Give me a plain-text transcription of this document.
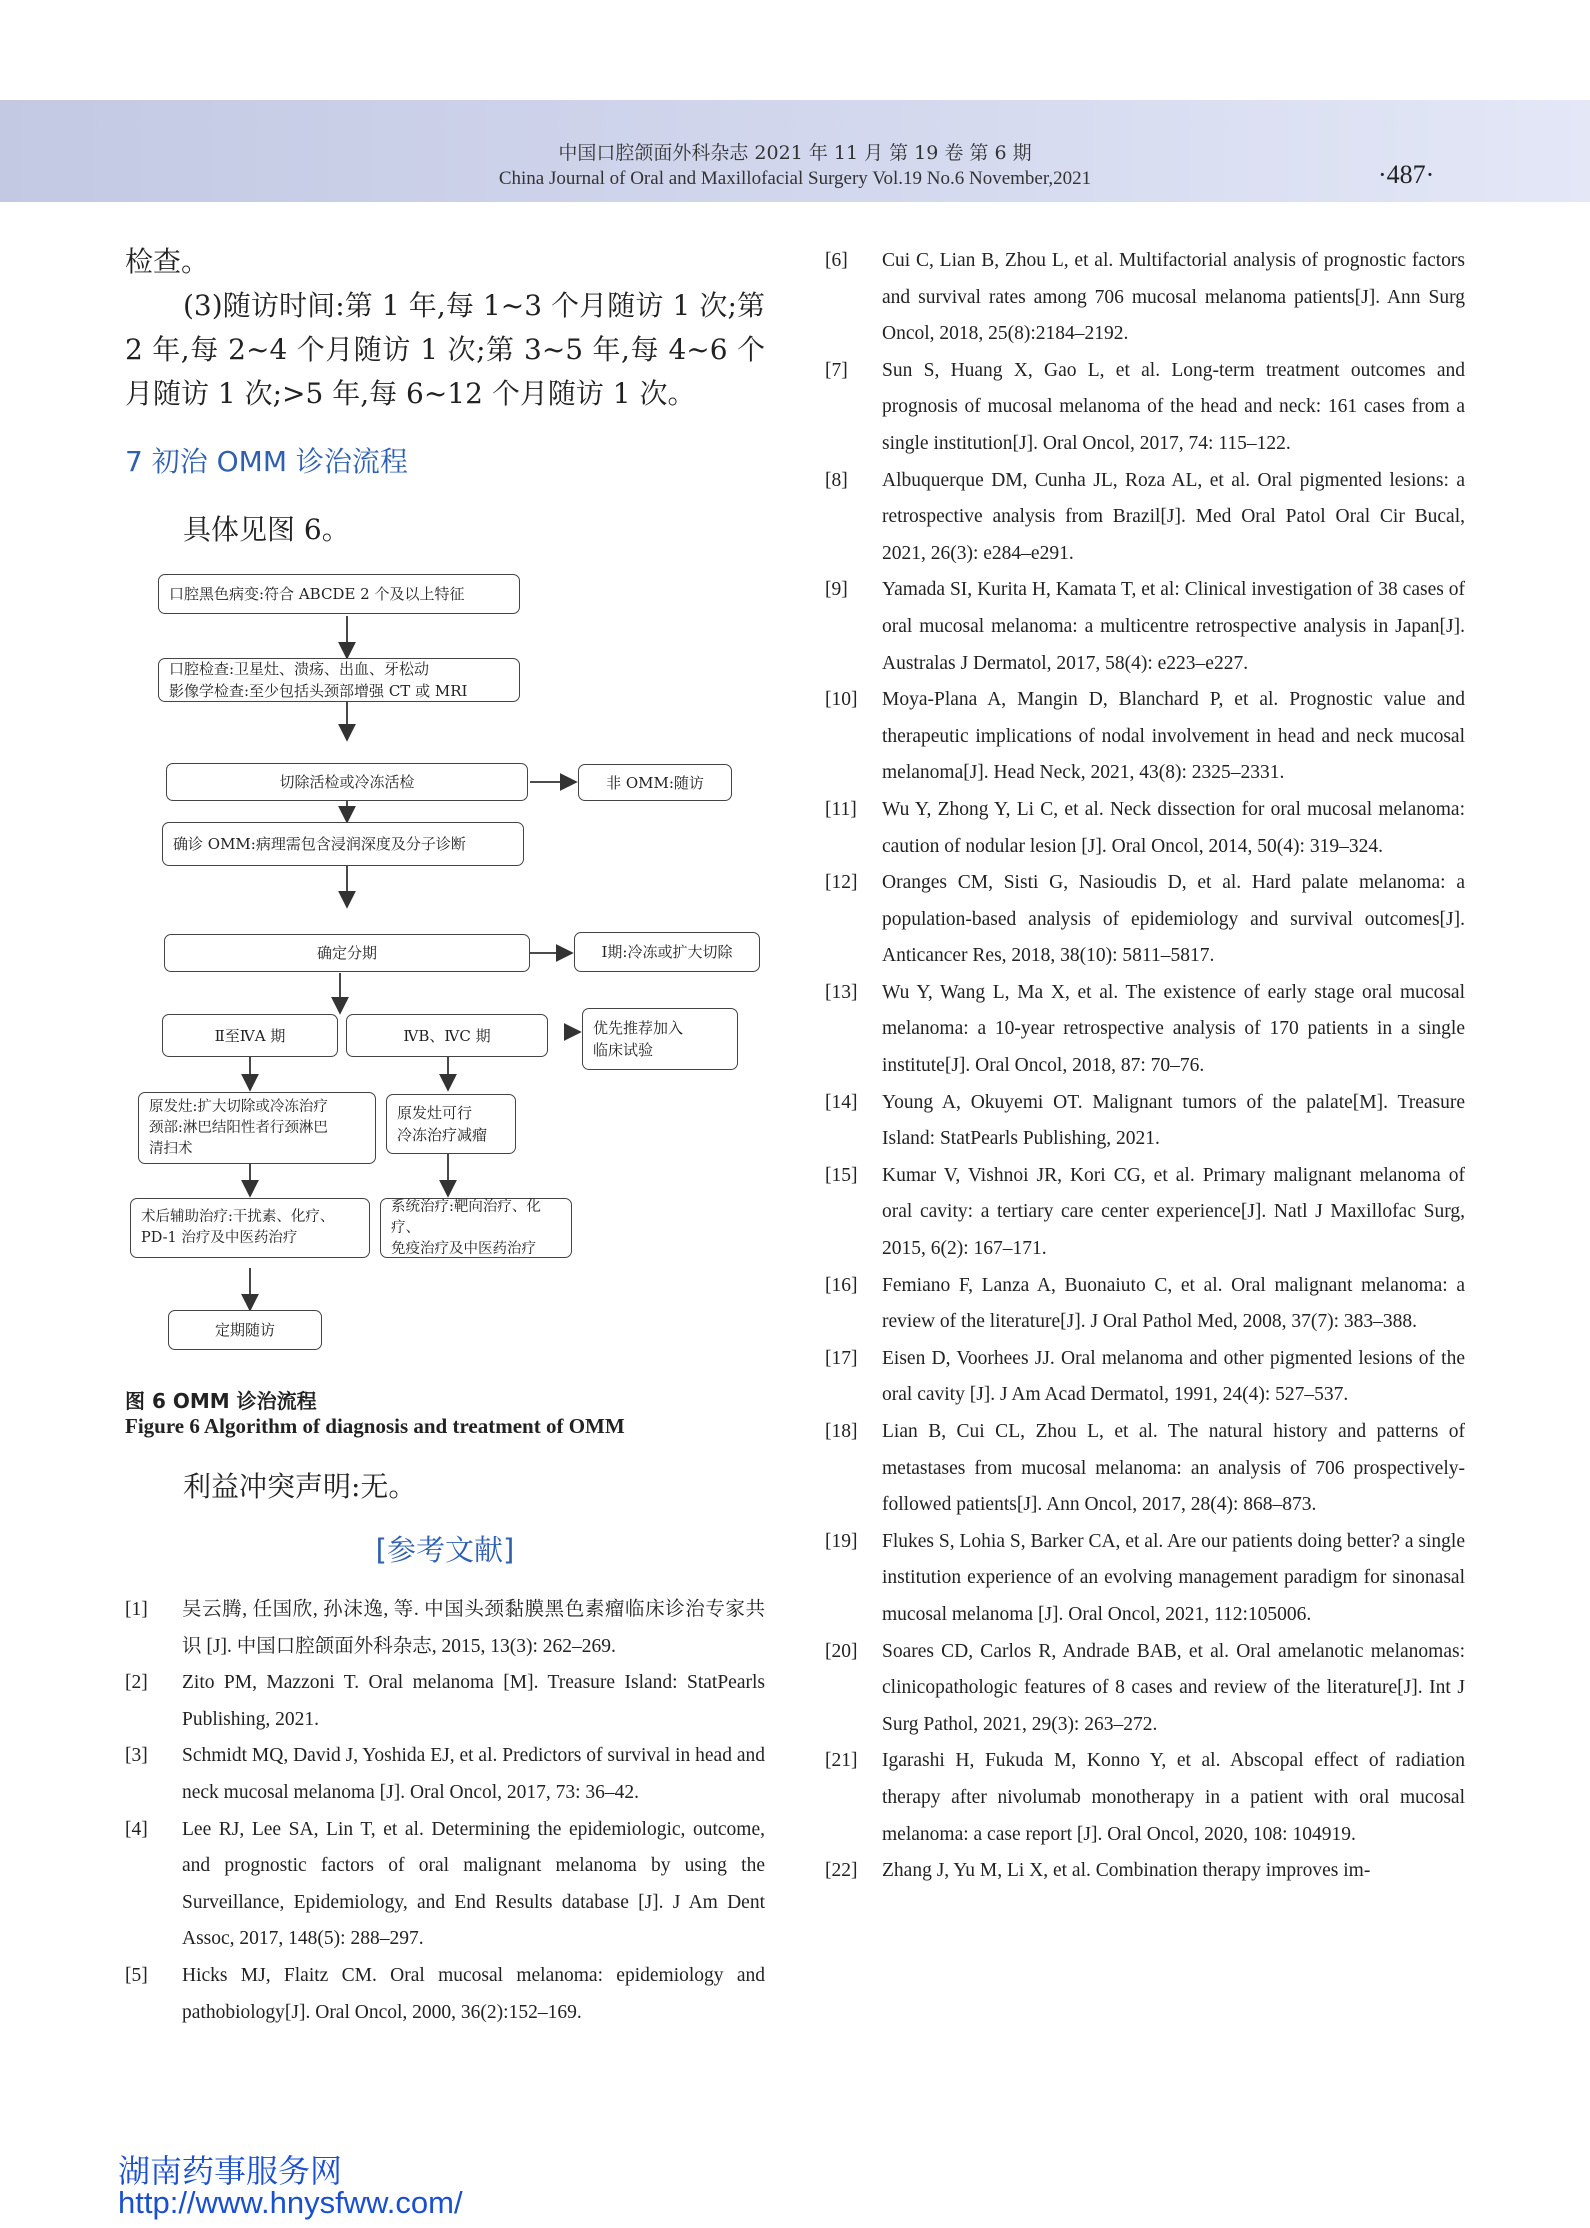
中国口腔颌面外科杂志 2021 年 11 月 第 19 卷 第 6 期
China Journal of Oral and Maxillofacial Surgery Vol.19 No.6 November,2021	·487·

检查。

(3)随访时间:第 1 年,每 1~3 个月随访 1 次;第 2 年,每 2~4 个月随访 1 次;第 3~5 年,每 4~6 个月随访 1 次;>5 年,每 6~12 个月随访 1 次。

7 初治 OMM 诊治流程
具体见图 6。
口腔黑色病变:符合 ABCDE 2 个及以上特征
口腔检查:卫星灶、溃疡、出血、牙松动
影像学检查:至少包括头颈部增强 CT 或 MRI
切除活检或冷冻活检	非 OMM:随访
确诊 OMM:病理需包含浸润深度及分子诊断
确定分期	Ⅰ期:冷冻或扩大切除
Ⅱ至ⅣA 期	ⅣB、ⅣC 期	优先推荐加入
临床试验
原发灶:扩大切除或冷冻治疗
颈部:淋巴结阳性者行颈淋巴
清扫术
原发灶可行
冷冻治疗减瘤
术后辅助治疗:干扰素、化疗、
PD-1 治疗及中医药治疗
系统治疗:靶向治疗、化疗、
免疫治疗及中医药治疗
定期随访
图 6 OMM 诊治流程
Figure 6 Algorithm of diagnosis and treatment of OMM
利益冲突声明:无。
[参考文献]
[1] 吴云腾, 任国欣, 孙沫逸, 等. 中国头颈黏膜黑色素瘤临床诊治专家共识 [J]. 中国口腔颌面外科杂志, 2015, 13(3): 262–269.
[2] Zito PM, Mazzoni T. Oral melanoma [M]. Treasure Island: StatPearls Publishing, 2021.
[3] Schmidt MQ, David J, Yoshida EJ, et al. Predictors of survival in head and neck mucosal melanoma [J]. Oral Oncol, 2017, 73: 36–42.
[4] Lee RJ, Lee SA, Lin T, et al. Determining the epidemiologic, outcome, and prognostic factors of oral malignant melanoma by using the Surveillance, Epidemiology, and End Results database [J]. J Am Dent Assoc, 2017, 148(5): 288–297.
[5] Hicks MJ, Flaitz CM. Oral mucosal melanoma: epidemiology and pathobiology[J]. Oral Oncol, 2000, 36(2):152–169.
[6] Cui C, Lian B, Zhou L, et al. Multifactorial analysis of prognostic factors and survival rates among 706 mucosal melanoma patients[J]. Ann Surg Oncol, 2018, 25(8):2184–2192.
[7] Sun S, Huang X, Gao L, et al. Long-term treatment outcomes and prognosis of mucosal melanoma of the head and neck: 161 cases from a single institution[J]. Oral Oncol, 2017, 74: 115–122.
[8] Albuquerque DM, Cunha JL, Roza AL, et al. Oral pigmented lesions: a retrospective analysis from Brazil[J]. Med Oral Patol Oral Cir Bucal, 2021, 26(3): e284–e291.
[9] Yamada SI, Kurita H, Kamata T, et al: Clinical investigation of 38 cases of oral mucosal melanoma: a multicentre retrospective analysis in Japan[J]. Australas J Dermatol, 2017, 58(4): e223–e227.
[10] Moya-Plana A, Mangin D, Blanchard P, et al. Prognostic value and therapeutic implications of nodal involvement in head and neck mucosal melanoma[J]. Head Neck, 2021, 43(8): 2325–2331.
[11] Wu Y, Zhong Y, Li C, et al. Neck dissection for oral mucosal melanoma: caution of nodular lesion [J]. Oral Oncol, 2014, 50(4): 319–324.
[12] Oranges CM, Sisti G, Nasioudis D, et al. Hard palate melanoma: a population-based analysis of epidemiology and survival outcomes[J]. Anticancer Res, 2018, 38(10): 5811–5817.
[13] Wu Y, Wang L, Ma X, et al. The existence of early stage oral mucosal melanoma: a 10-year retrospective analysis of 170 patients in a single institute[J]. Oral Oncol, 2018, 87: 70–76.
[14] Young A, Okuyemi OT. Malignant tumors of the palate[M]. Treasure Island: StatPearls Publishing, 2021.
[15] Kumar V, Vishnoi JR, Kori CG, et al. Primary malignant melanoma of oral cavity: a tertiary care center experience[J]. Natl J Maxillofac Surg, 2015, 6(2): 167–171.
[16] Femiano F, Lanza A, Buonaiuto C, et al. Oral malignant melanoma: a review of the literature[J]. J Oral Pathol Med, 2008, 37(7): 383–388.
[17] Eisen D, Voorhees JJ. Oral melanoma and other pigmented lesions of the oral cavity [J]. J Am Acad Dermatol, 1991, 24(4): 527–537.
[18] Lian B, Cui CL, Zhou L, et al. The natural history and patterns of metastases from mucosal melanoma: an analysis of 706 prospectively-followed patients[J]. Ann Oncol, 2017, 28(4): 868–873.
[19] Flukes S, Lohia S, Barker CA, et al. Are our patients doing better? a single institution experience of an evolving management paradigm for sinonasal mucosal melanoma [J]. Oral Oncol, 2021, 112:105006.
[20] Soares CD, Carlos R, Andrade BAB, et al. Oral amelanotic melanomas: clinicopathologic features of 8 cases and review of the literature[J]. Int J Surg Pathol, 2021, 29(3): 263–272.
[21] Igarashi H, Fukuda M, Konno Y, et al. Abscopal effect of radiation therapy after nivolumab monotherapy in a patient with oral mucosal melanoma: a case report [J]. Oral Oncol, 2020, 108: 104919.
[22] Zhang J, Yu M, Li X, et al. Combination therapy improves im-
湖南药事服务网
http://www.hnysfww.com/
